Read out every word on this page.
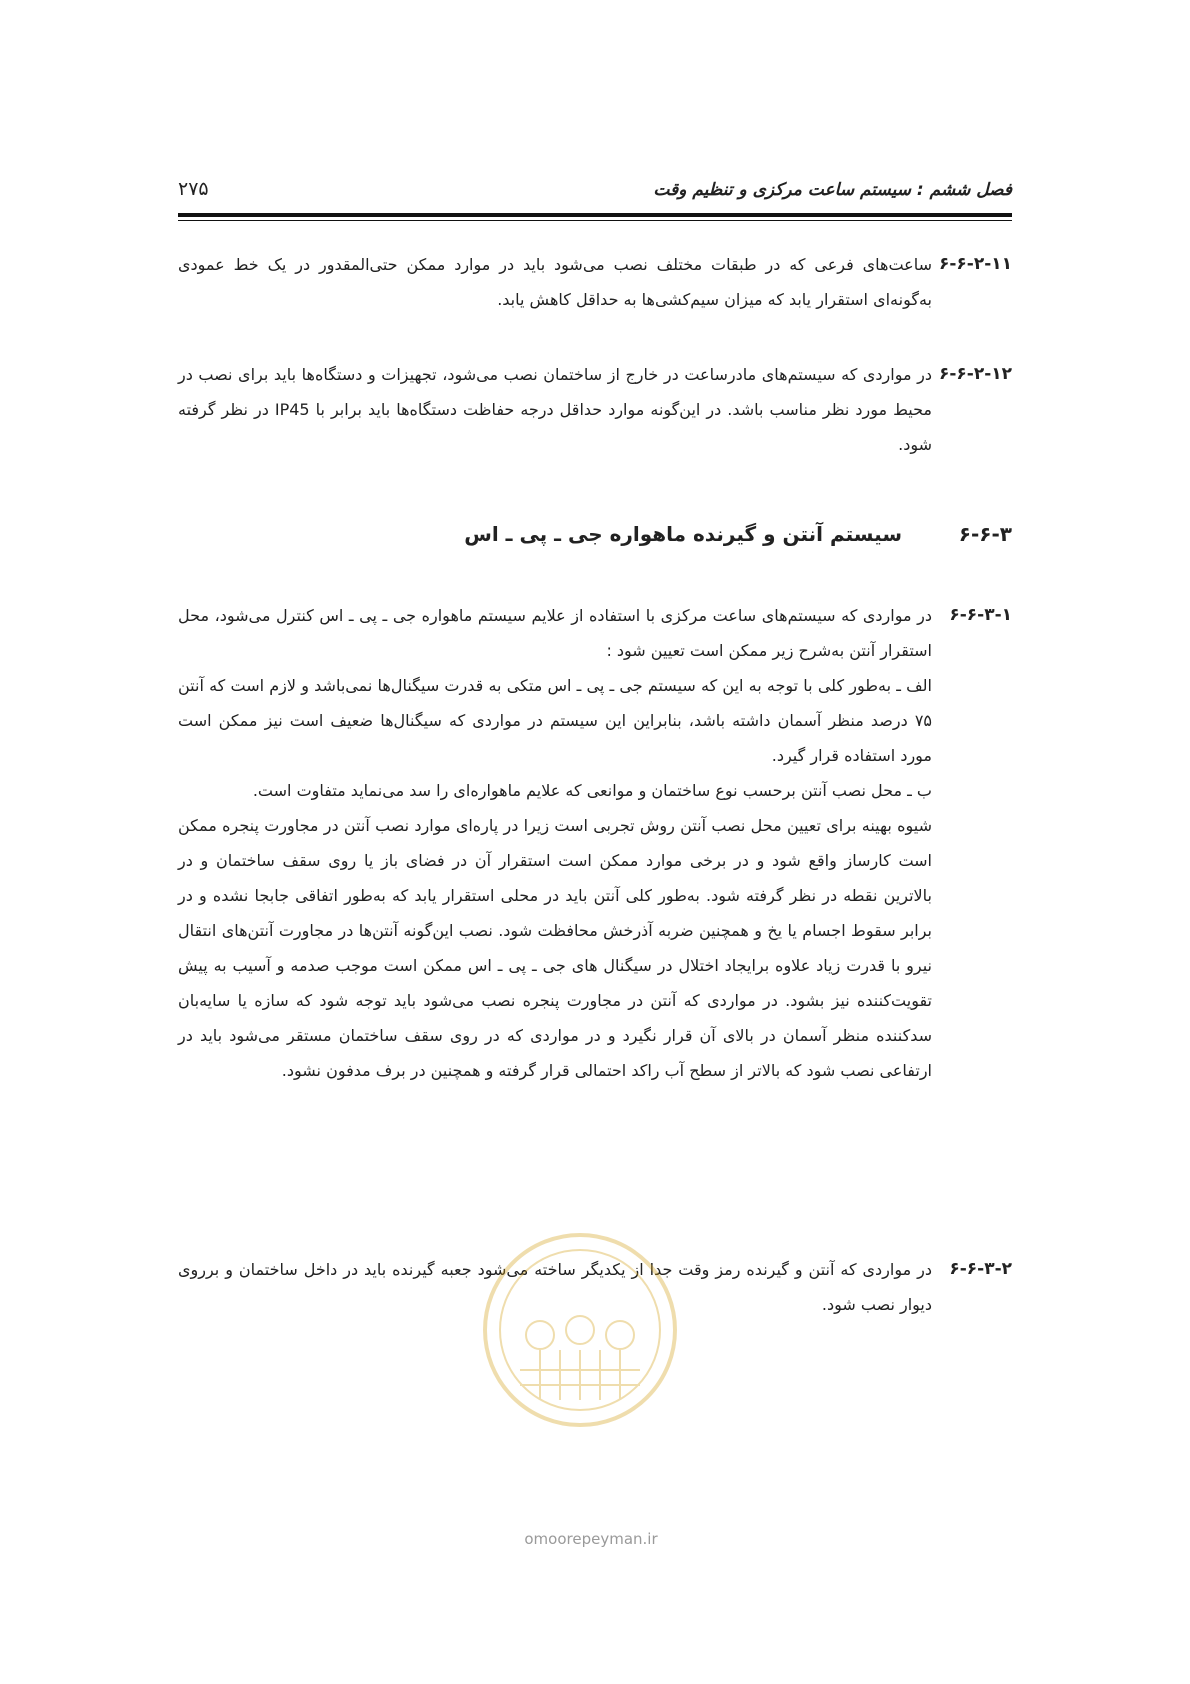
فصل ششم : سیستم ساعت مرکزی و تنظیم وقت
۲۷۵
۶-۶-۲-۱۱

ساعت‌های فرعی که در طبقات مختلف نصب می‌شود باید در موارد ممکن حتی‌المقدور در یک خط عمودی به‌گونه‌ای استقرار یابد که میزان سیم‌کشی‌ها به حداقل کاهش یابد.

۶-۶-۲-۱۲

در مواردی که سیستم‌های مادرساعت در خارج از ساختمان نصب می‌شود، تجهیزات و دستگاه‌ها باید برای نصب در محیط مورد نظر مناسب باشد. در این‌گونه موارد حداقل درجه حفاظت دستگاه‌ها باید برابر با IP45 در نظر گرفته شود.

۶-۶-۳
سیستم آنتن و گیرنده ماهواره جی ـ پی ـ اس
۶-۶-۳-۱

در مواردی که سیستم‌های ساعت مرکزی با استفاده از علایم سیستم ماهواره جی ـ پی ـ اس کنترل می‌شود، محل استقرار آنتن به‌شرح زیر ممکن است تعیین شود :

الف ـ به‌طور کلی با توجه به این که سیستم جی ـ پی ـ اس متکی به قدرت سیگنال‌ها نمی‌باشد و لازم است که آنتن ۷۵ درصد منظر آسمان داشته باشد، بنابراین این سیستم در مواردی که سیگنال‌ها ضعیف است نیز ممکن است مورد استفاده قرار گیرد.

ب ـ محل نصب آنتن برحسب نوع ساختمان و موانعی که علایم ماهواره‌ای را سد می‌نماید متفاوت است.

شیوه بهینه برای تعیین محل نصب آنتن روش تجربی است زیرا در پاره‌ای موارد نصب آنتن در مجاورت پنجره ممکن است کارساز واقع شود و در برخی موارد ممکن است استقرار آن در فضای باز یا روی سقف ساختمان و در بالاترین نقطه در نظر گرفته شود. به‌طور کلی آنتن باید در محلی استقرار یابد که به‌طور اتفاقی جابجا نشده و در برابر سقوط اجسام یا یخ و همچنین ضربه آذرخش محافظت شود. نصب این‌گونه آنتن‌ها در مجاورت آنتن‌های انتقال نیرو با قدرت زیاد علاوه برایجاد اختلال در سیگنال های جی ـ پی ـ اس ممکن است موجب صدمه و آسیب به پیش تقویت‌کننده نیز بشود. در مواردی که آنتن در مجاورت پنجره نصب می‌شود باید توجه شود که سازه یا سایه‌بان سدکننده منظر آسمان در بالای آن قرار نگیرد و در مواردی که در روی سقف ساختمان مستقر می‌شود باید در ارتفاعی نصب شود که بالاتر از سطح آب راکد احتمالی قرار گرفته و همچنین در برف مدفون نشود.

۶-۶-۳-۲

در مواردی که آنتن و گیرنده رمز وقت جدا از یکدیگر ساخته می‌شود جعبه گیرنده باید در داخل ساختمان و برروی دیوار نصب شود.

omoorepeyman.ir
